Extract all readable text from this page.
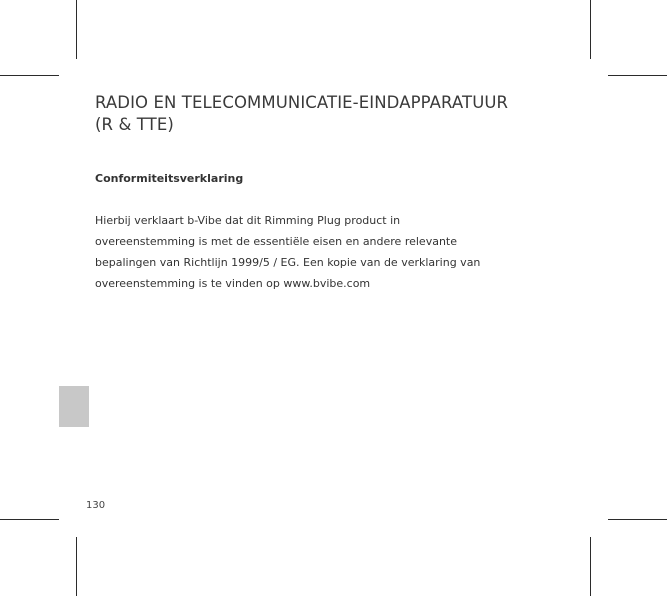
RADIO EN TELECOMMUNICATIE-EINDAPPARATUUR
(R & TTE)
Conformiteitsverklaring

Hierbij verklaart b-Vibe dat dit Rimming Plug product in
overeenstemming is met de essentiële eisen en andere relevante
bepalingen van Richtlijn 1999/5 / EG. Een kopie van de verklaring van
overeenstemming is te vinden op www.bvibe.com

130
